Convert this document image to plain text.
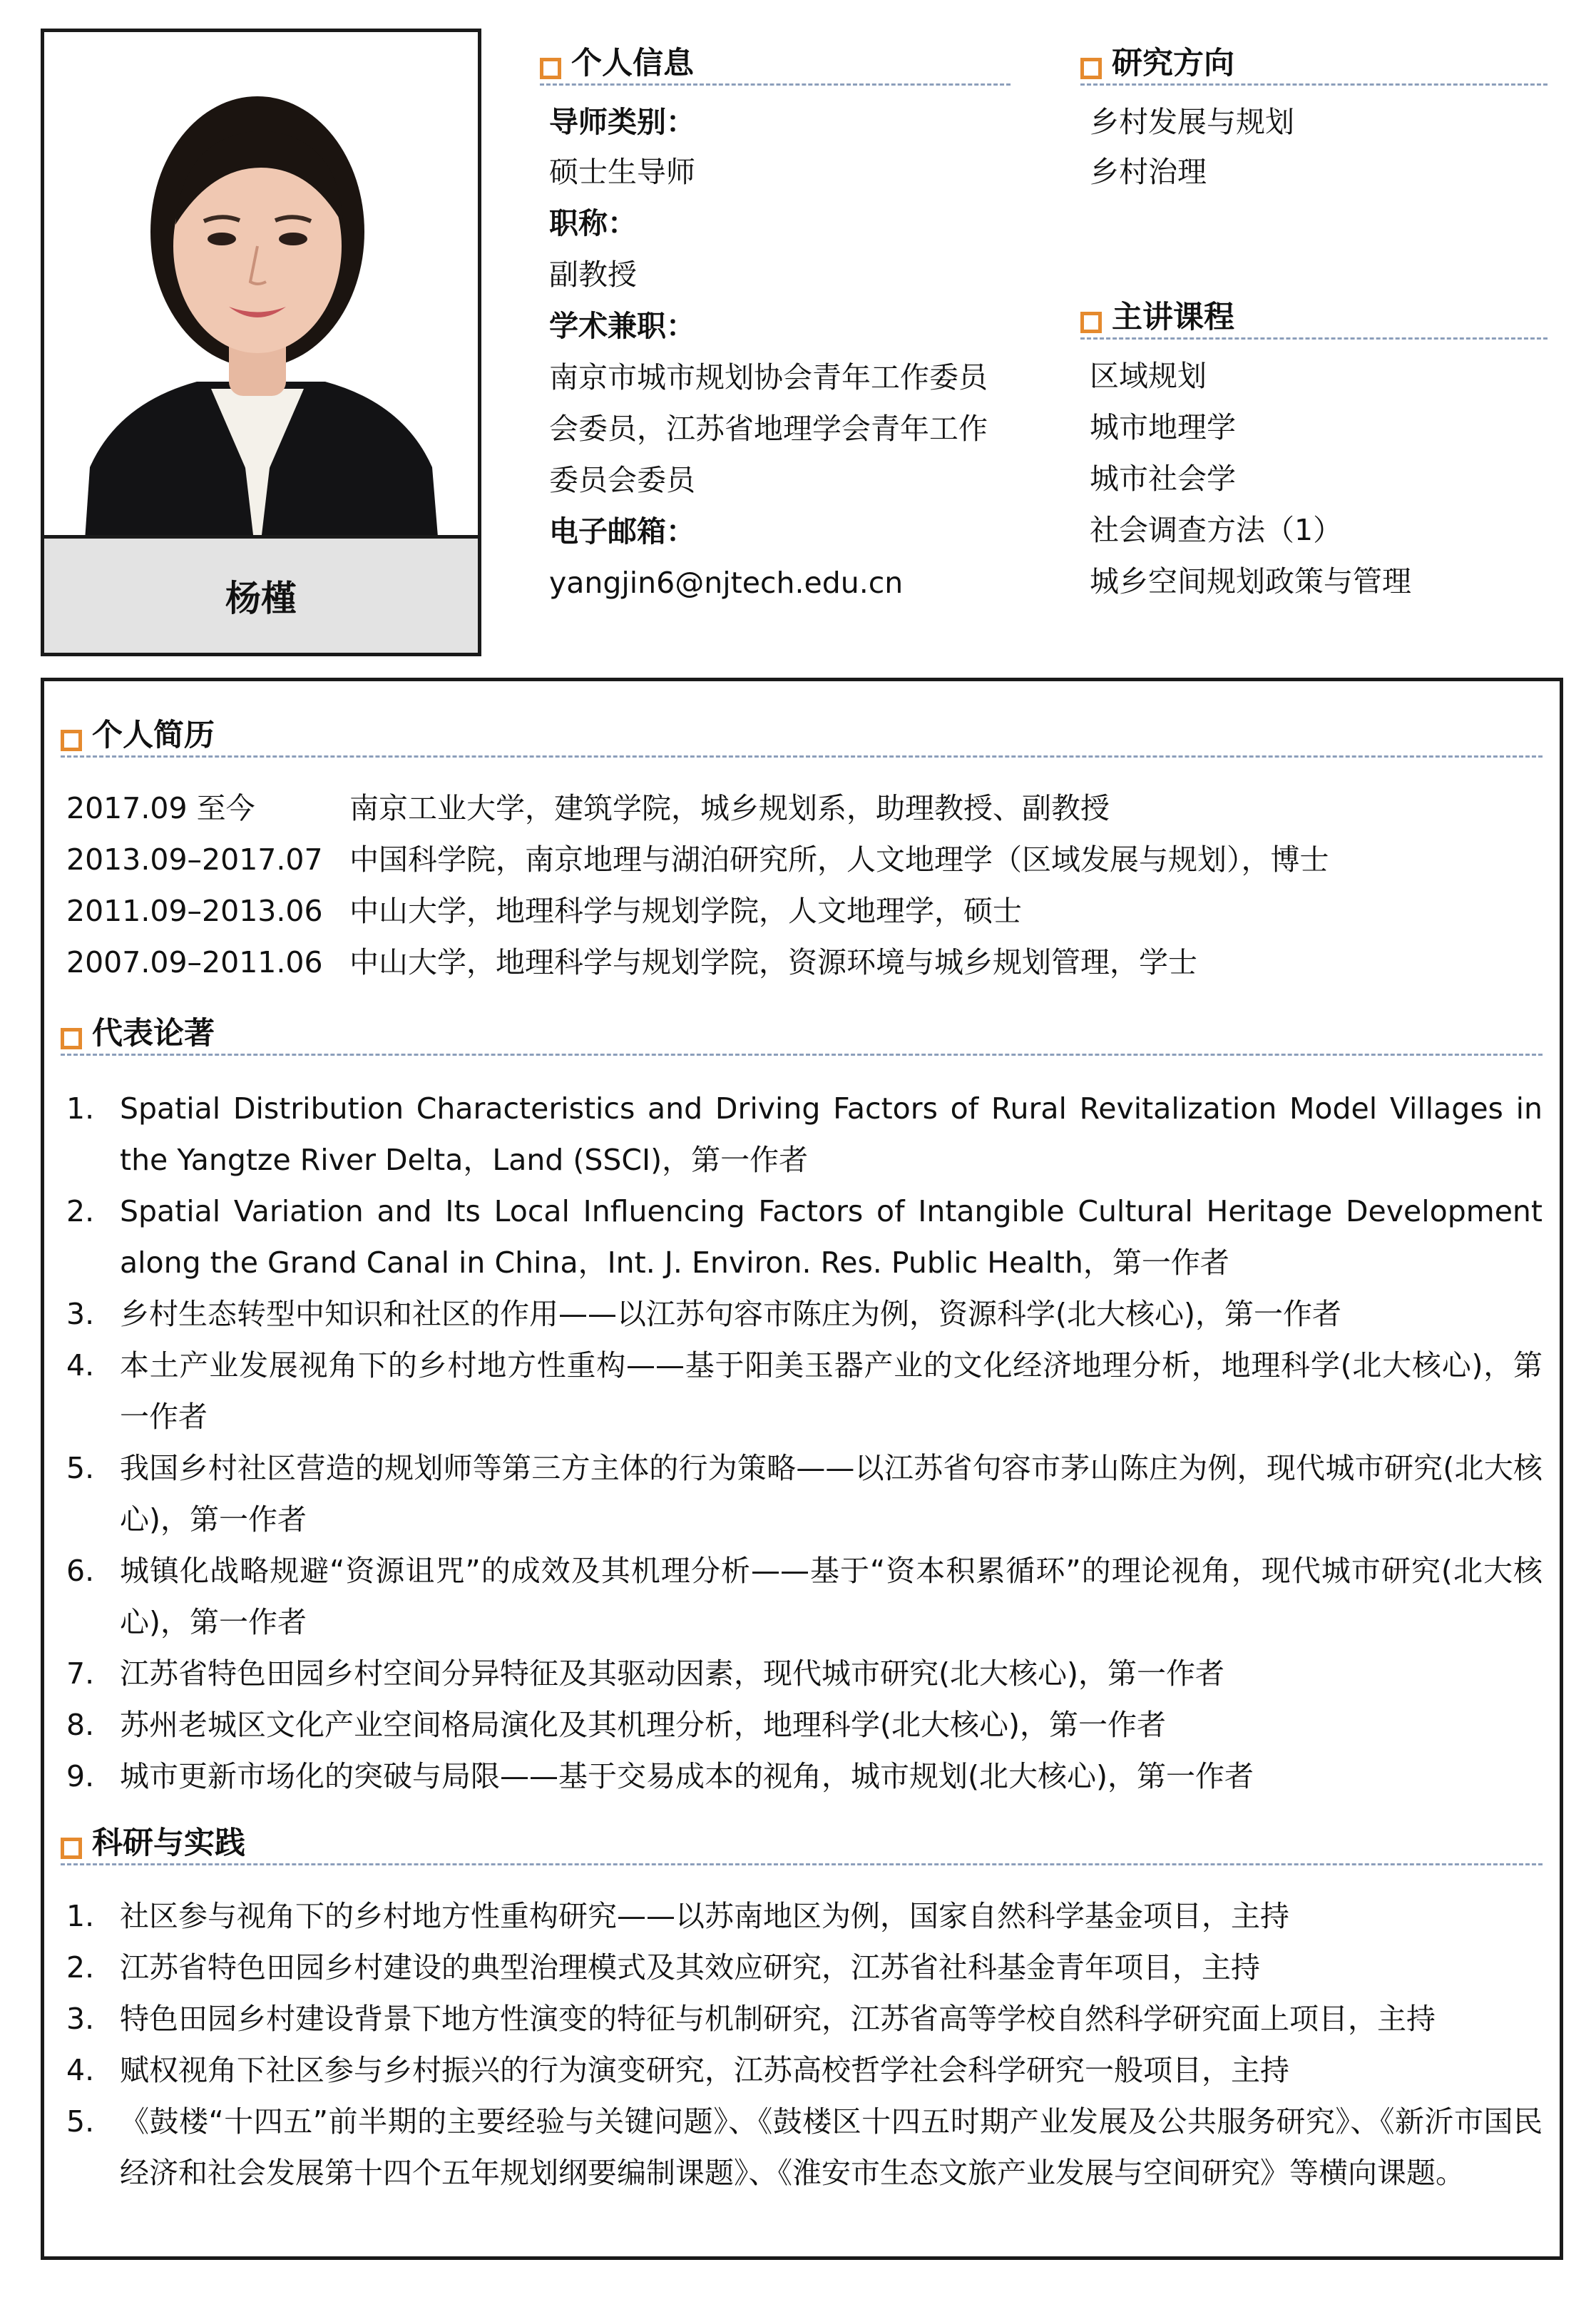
杨槿
个人信息
导师类别：
硕士生导师
职称：
副教授
学术兼职：
南京市城市规划协会青年工作委员
会委员，江苏省地理学会青年工作
委员会委员
电子邮箱：
yangjin6@njtech.edu.cn
研究方向
乡村发展与规划
乡村治理
主讲课程
区域规划
城市地理学
城市社会学
社会调查方法（1）
城乡空间规划政策与管理
个人简历
2017.09 至今	南京工业大学，建筑学院，城乡规划系，助理教授、副教授
2013.09–2017.07 中国科学院，南京地理与湖泊研究所，人文地理学（区域发展与规划），博士
2011.09–2013.06 中山大学，地理科学与规划学院，人文地理学，硕士
2007.09–2011.06 中山大学，地理科学与规划学院，资源环境与城乡规划管理，学士
代表论著
1. Spatial Distribution Characteristics and Driving Factors of Rural Revitalization Model Villages in the Yangtze River Delta，Land (SSCI)，第一作者
2. Spatial Variation and Its Local Influencing Factors of Intangible Cultural Heritage Development along the Grand Canal in China，Int. J. Environ. Res. Public Health，第一作者
3. 乡村生态转型中知识和社区的作用——以江苏句容市陈庄为例，资源科学(北大核心)，第一作者
4. 本土产业发展视角下的乡村地方性重构——基于阳美玉器产业的文化经济地理分析，地理科学(北大核心)，第一作者
5. 我国乡村社区营造的规划师等第三方主体的行为策略——以江苏省句容市茅山陈庄为例，现代城市研究(北大核心)，第一作者
6. 城镇化战略规避“资源诅咒”的成效及其机理分析——基于“资本积累循环”的理论视角，现代城市研究(北大核心)，第一作者
7. 江苏省特色田园乡村空间分异特征及其驱动因素，现代城市研究(北大核心)，第一作者
8. 苏州老城区文化产业空间格局演化及其机理分析，地理科学(北大核心)，第一作者
9. 城市更新市场化的突破与局限——基于交易成本的视角，城市规划(北大核心)，第一作者
科研与实践
1. 社区参与视角下的乡村地方性重构研究——以苏南地区为例，国家自然科学基金项目，主持
2. 江苏省特色田园乡村建设的典型治理模式及其效应研究，江苏省社科基金青年项目，主持
3. 特色田园乡村建设背景下地方性演变的特征与机制研究，江苏省高等学校自然科学研究面上项目，主持
4. 赋权视角下社区参与乡村振兴的行为演变研究，江苏高校哲学社会科学研究一般项目，主持
5. 《鼓楼“十四五”前半期的主要经验与关键问题》、《鼓楼区十四五时期产业发展及公共服务研究》、《新沂市国民经济和社会发展第十四个五年规划纲要编制课题》、《淮安市生态文旅产业发展与空间研究》等横向课题。
